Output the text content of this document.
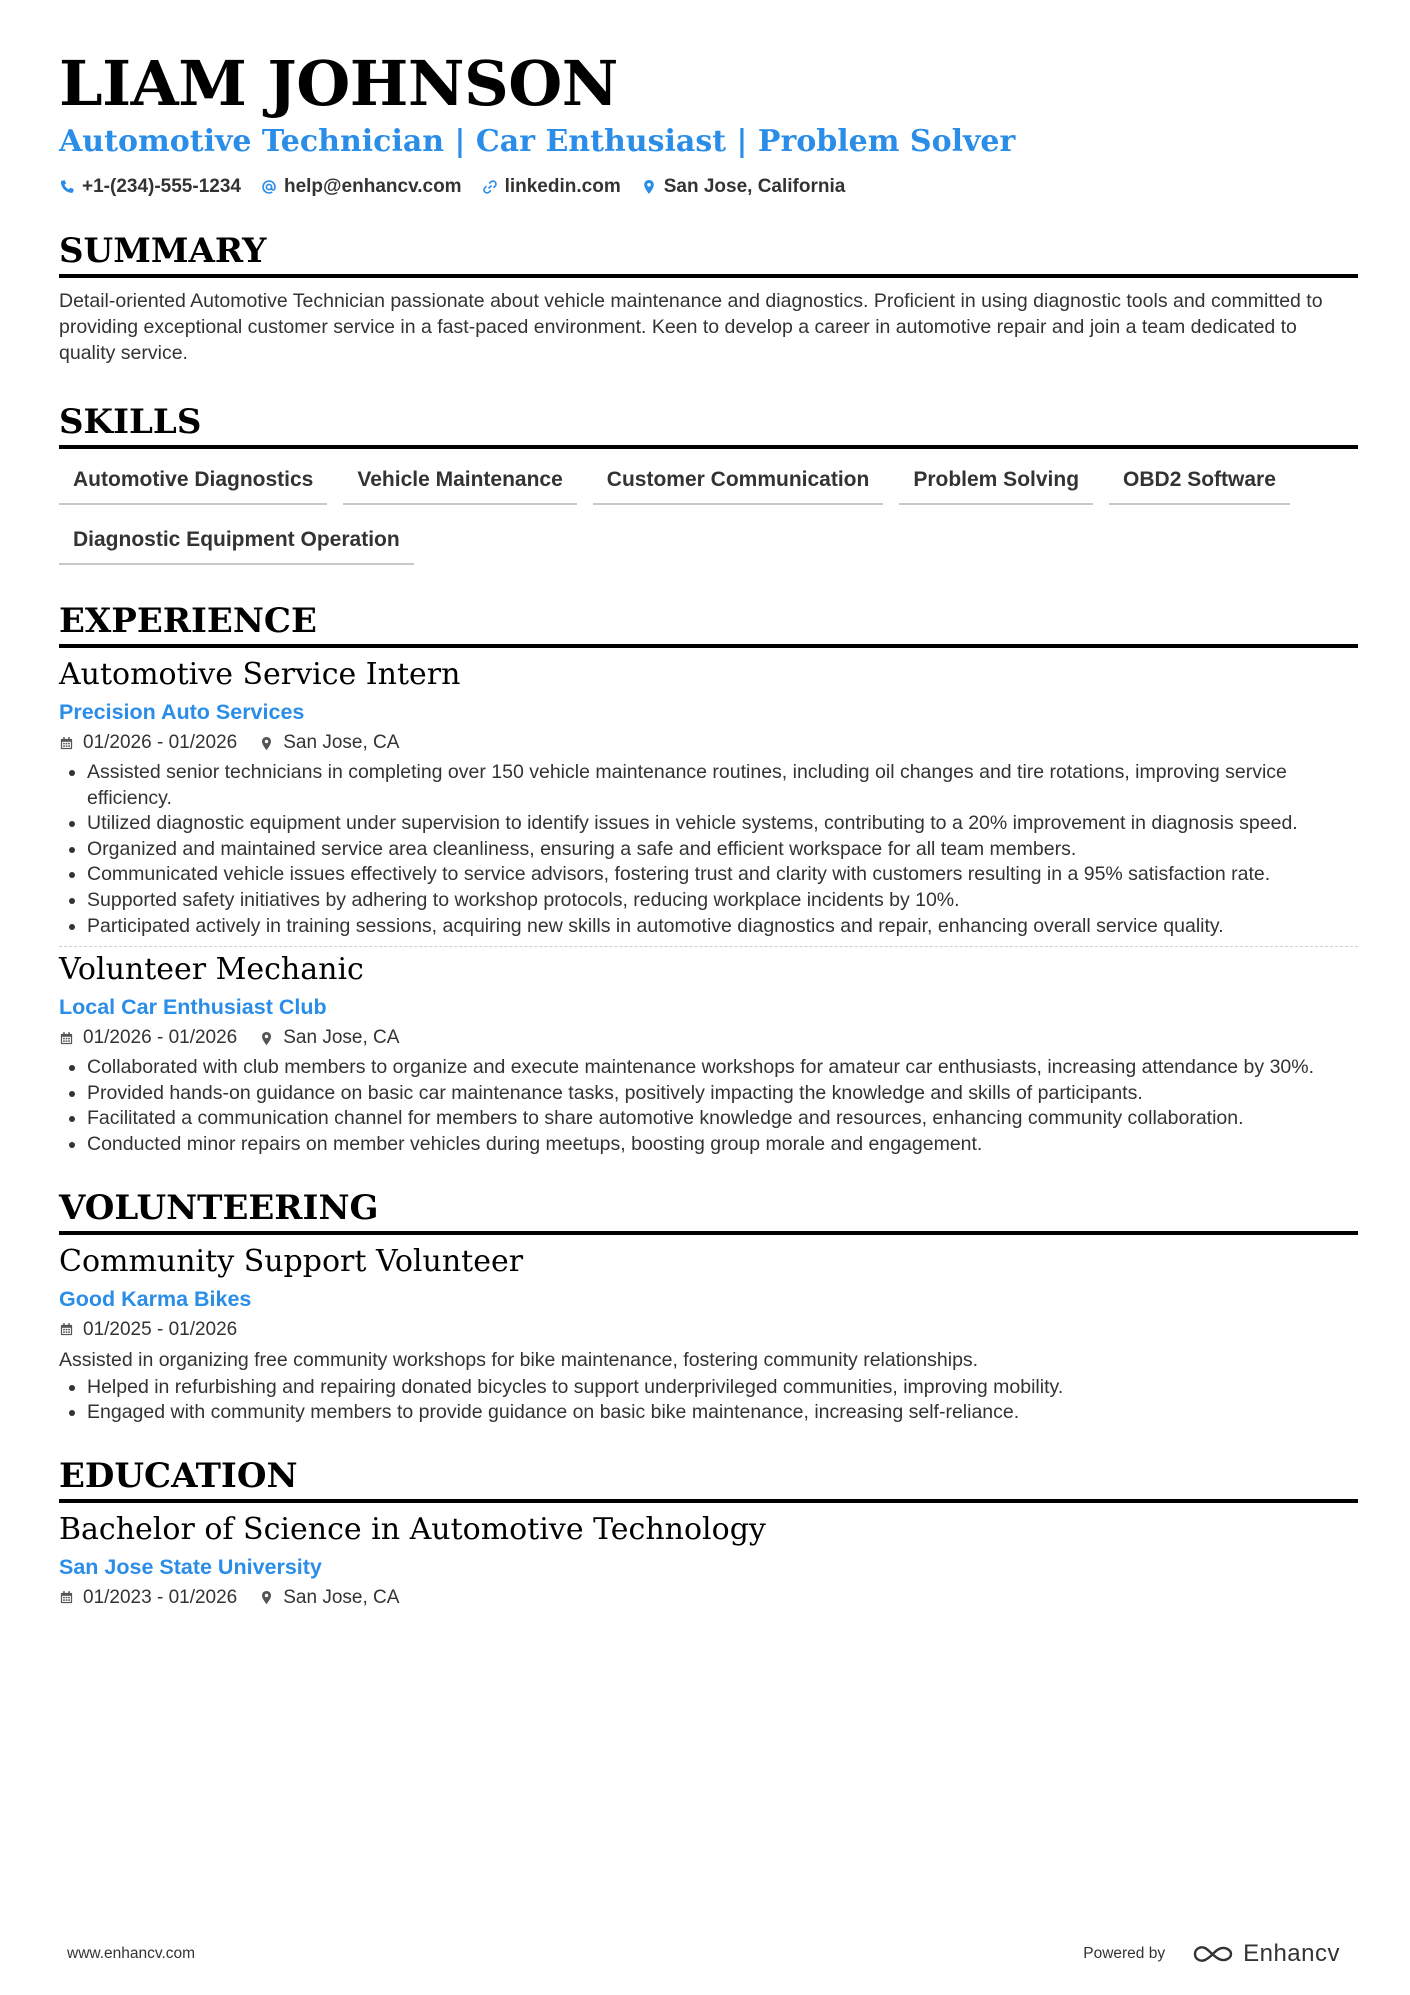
LIAM JOHNSON
Automotive Technician | Car Enthusiast | Problem Solver
+1-(234)-555-1234 help@enhancv.com linkedin.com San Jose, California
SUMMARY
Detail-oriented Automotive Technician passionate about vehicle maintenance and diagnostics. Proficient in using diagnostic tools and committed to providing exceptional customer service in a fast-paced environment. Keen to develop a career in automotive repair and join a team dedicated to quality service.
SKILLS
Automotive Diagnostics	Vehicle Maintenance	Customer Communication	Problem Solving	OBD2 Software
Diagnostic Equipment Operation
EXPERIENCE
Automotive Service Intern
Precision Auto Services
01/2026 - 01/2026 San Jose, CA
• Assisted senior technicians in completing over 150 vehicle maintenance routines, including oil changes and tire rotations, improving service efficiency.
• Utilized diagnostic equipment under supervision to identify issues in vehicle systems, contributing to a 20% improvement in diagnosis speed.
• Organized and maintained service area cleanliness, ensuring a safe and efficient workspace for all team members.
• Communicated vehicle issues effectively to service advisors, fostering trust and clarity with customers resulting in a 95% satisfaction rate.
• Supported safety initiatives by adhering to workshop protocols, reducing workplace incidents by 10%.
• Participated actively in training sessions, acquiring new skills in automotive diagnostics and repair, enhancing overall service quality.
Volunteer Mechanic
Local Car Enthusiast Club
01/2026 - 01/2026 San Jose, CA
• Collaborated with club members to organize and execute maintenance workshops for amateur car enthusiasts, increasing attendance by 30%.
• Provided hands-on guidance on basic car maintenance tasks, positively impacting the knowledge and skills of participants.
• Facilitated a communication channel for members to share automotive knowledge and resources, enhancing community collaboration.
• Conducted minor repairs on member vehicles during meetups, boosting group morale and engagement.
VOLUNTEERING
Community Support Volunteer
Good Karma Bikes
01/2025 - 01/2026
Assisted in organizing free community workshops for bike maintenance, fostering community relationships.
• Helped in refurbishing and repairing donated bicycles to support underprivileged communities, improving mobility.
• Engaged with community members to provide guidance on basic bike maintenance, increasing self-reliance.
EDUCATION
Bachelor of Science in Automotive Technology
San Jose State University
01/2023 - 01/2026 San Jose, CA
www.enhancv.com	Powered by	Enhancv
